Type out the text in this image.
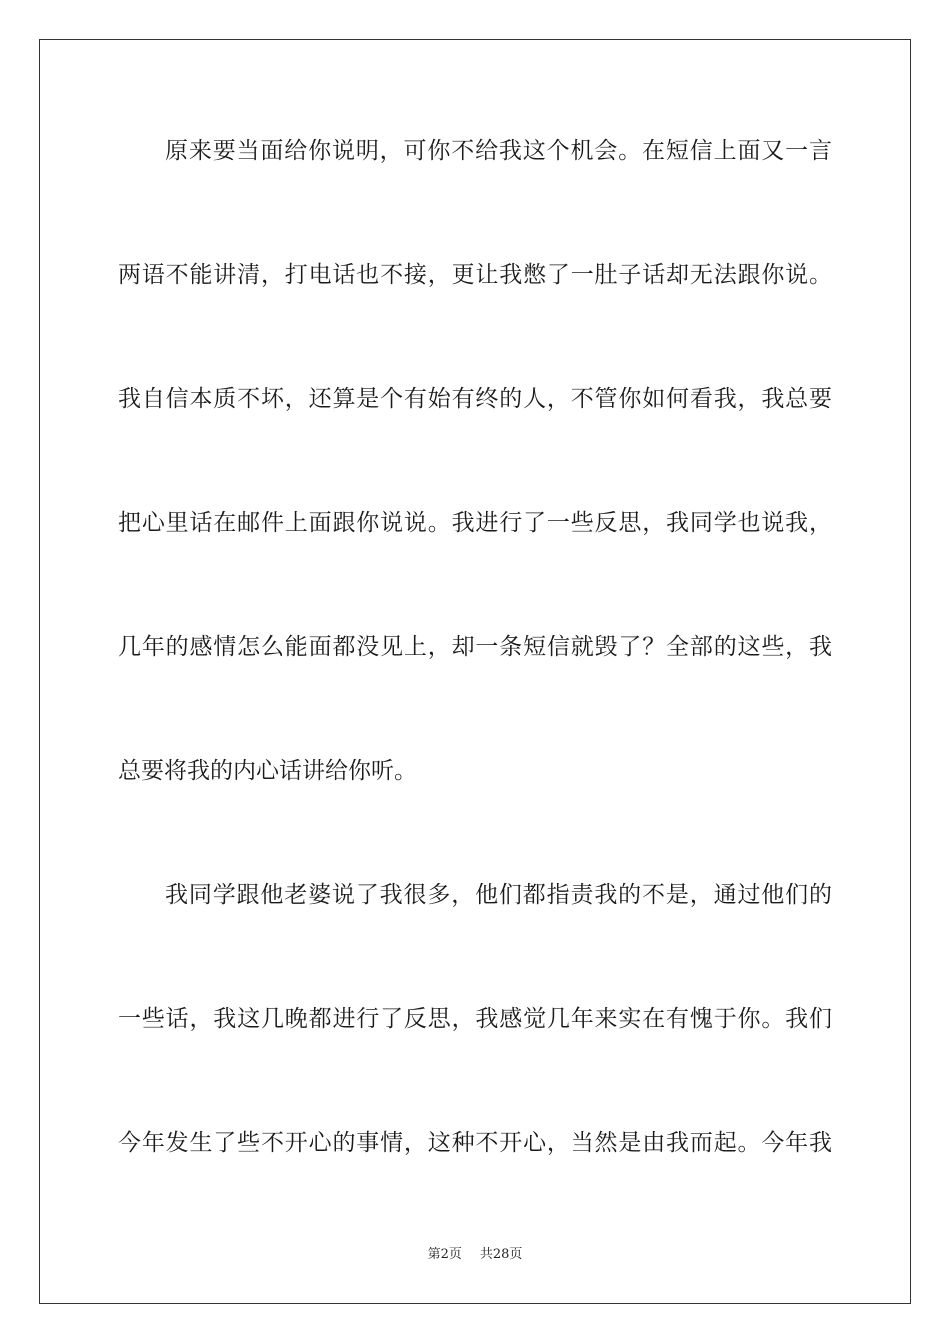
原来要当面给你说明，可你不给我这个机会。在短信上面又一言
两语不能讲清，打电话也不接，更让我憋了一肚子话却无法跟你说。
我自信本质不坏，还算是个有始有终的人，不管你如何看我，我总要
把心里话在邮件上面跟你说说。我进行了一些反思，我同学也说我，
几年的感情怎么能面都没见上，却一条短信就毁了？全部的这些，我
总要将我的内心话讲给你听。
我同学跟他老婆说了我很多，他们都指责我的不是，通过他们的
一些话，我这几晚都进行了反思，我感觉几年来实在有愧于你。我们
今年发生了些不开心的事情，这种不开心，当然是由我而起。今年我
第2页 共28页
